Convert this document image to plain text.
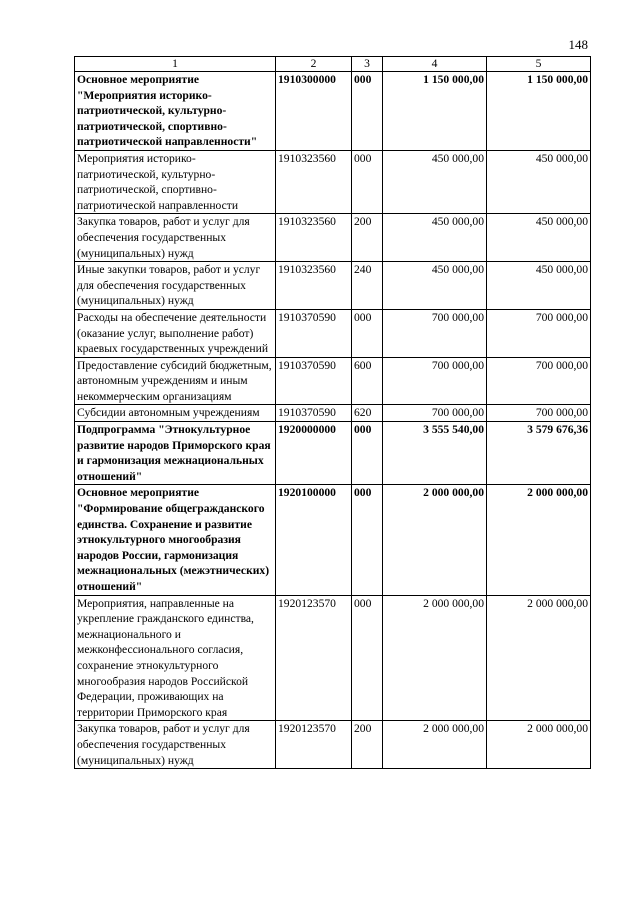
148
1	2	3	4	5
Основное мероприятие "Мероприятия историко-патриотической, культурно-патриотической, спортивно-патриотической направленности"	1910300000	000	1 150 000,00	1 150 000,00
Мероприятия историко-патриотической, культурно-патриотической, спортивно-патриотической направленности	1910323560	000	450 000,00	450 000,00
Закупка товаров, работ и услуг для обеспечения государственных (муниципальных) нужд	1910323560	200	450 000,00	450 000,00
Иные закупки товаров, работ и услуг для обеспечения государственных (муниципальных) нужд	1910323560	240	450 000,00	450 000,00
Расходы на обеспечение деятельности (оказание услуг, выполнение работ) краевых государственных учреждений	1910370590	000	700 000,00	700 000,00
Предоставление субсидий бюджетным, автономным учреждениям и иным некоммерческим организациям	1910370590	600	700 000,00	700 000,00
Субсидии автономным учреждениям	1910370590	620	700 000,00	700 000,00
Подпрограмма "Этнокультурное развитие народов Приморского края и гармонизация межнациональных отношений"	1920000000	000	3 555 540,00	3 579 676,36
Основное мероприятие "Формирование общегражданского единства. Сохранение и развитие этнокультурного многообразия народов России, гармонизация межнациональных (межэтнических) отношений"	1920100000	000	2 000 000,00	2 000 000,00
Мероприятия, направленные на укрепление гражданского единства, межнационального и межконфессионального согласия, сохранение этнокультурного многообразия народов Российской Федерации, проживающих на территории Приморского края	1920123570	000	2 000 000,00	2 000 000,00
Закупка товаров, работ и услуг для обеспечения государственных (муниципальных) нужд	1920123570	200	2 000 000,00	2 000 000,00
